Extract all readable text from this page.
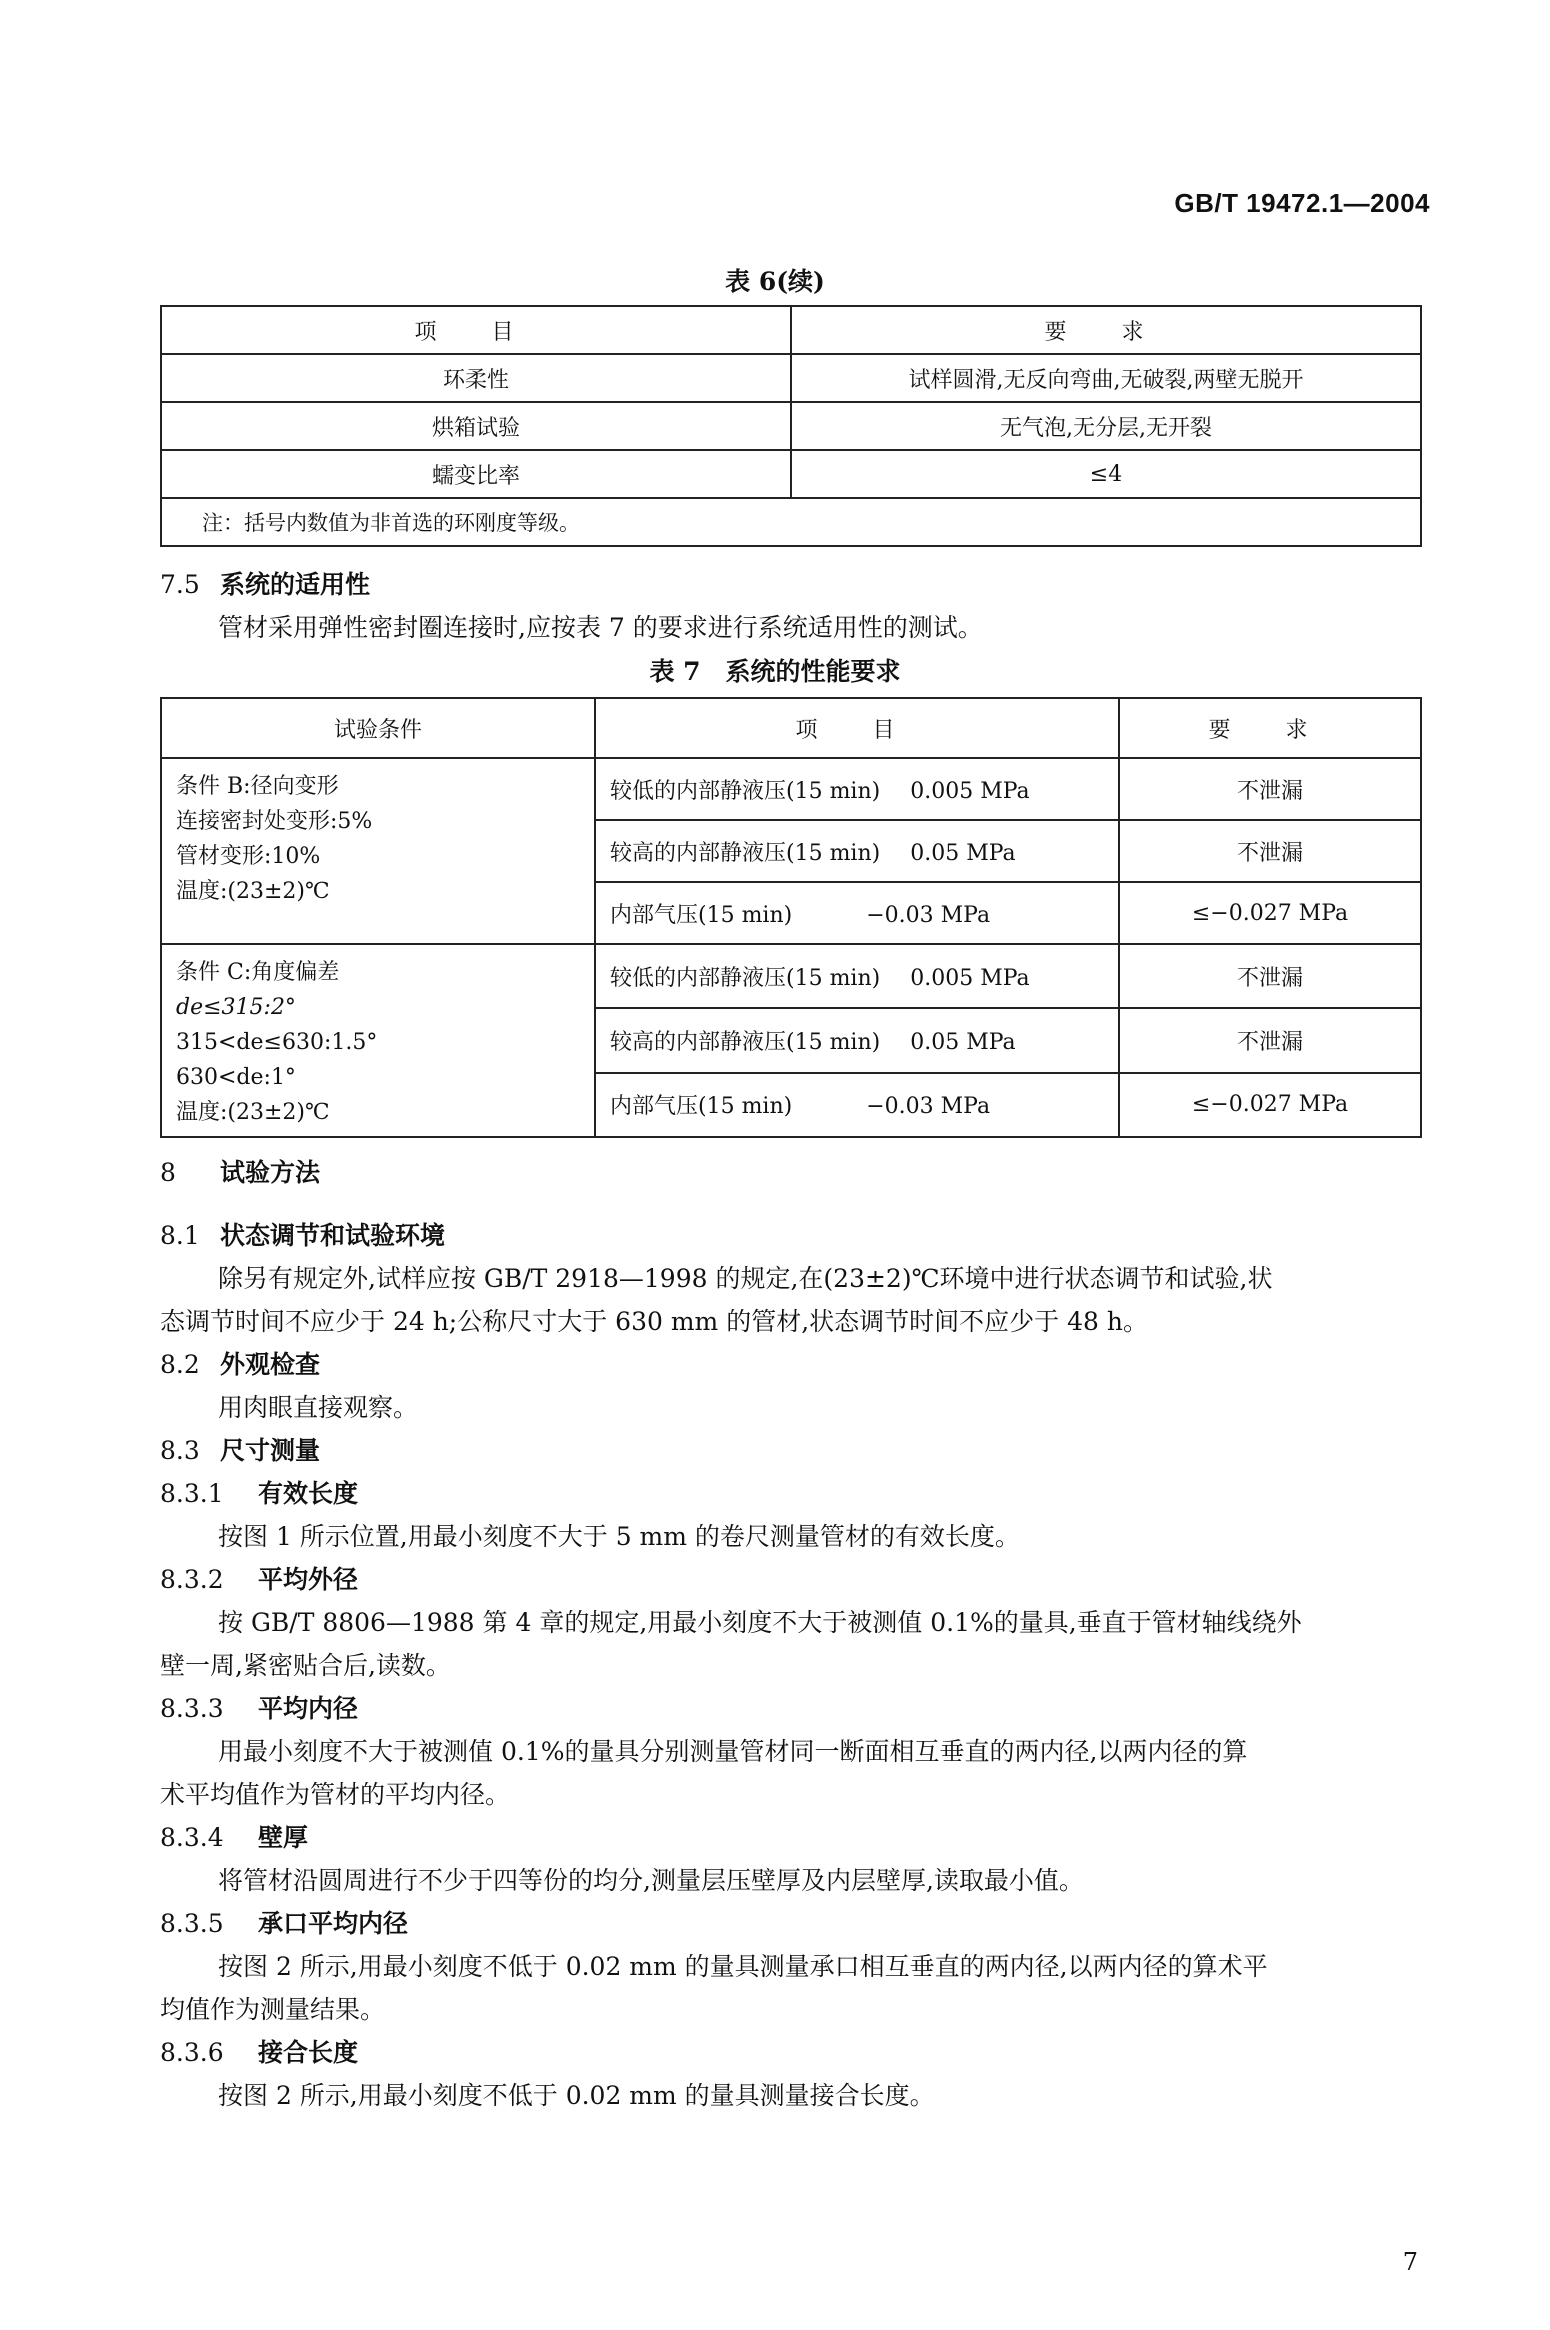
GB/T 19472.1—2004
表 6(续)
项 目	要 求
环柔性	试样圆滑,无反向弯曲,无破裂,两壁无脱开
烘箱试验	无气泡,无分层,无开裂
蠕变比率	≤4
注：括号内数值为非首选的环刚度等级。	
7.5 系统的适用性
管材采用弹性密封圈连接时,应按表 7 的要求进行系统适用性的测试。
表 7　系统的性能要求
试验条件	项 目	要 求

条件 B:径向变形
连接密封处变形:5%
管材变形:10%
温度:(23±2)℃	较低的内部静液压(15 min) 0.005 MPa	不泄漏
	较高的内部静液压(15 min) 0.05 MPa	不泄漏
	内部气压(15 min) −0.03 MPa	≤−0.027 MPa

条件 C:角度偏差
de≤315:2°
315<de≤630:1.5°
630<de:1°
温度:(23±2)℃	较低的内部静液压(15 min) 0.005 MPa	不泄漏
	较高的内部静液压(15 min) 0.05 MPa	不泄漏
	内部气压(15 min) −0.03 MPa	≤−0.027 MPa
8 试验方法
8.1 状态调节和试验环境
除另有规定外,试样应按 GB/T 2918—1998 的规定,在(23±2)℃环境中进行状态调节和试验,状
态调节时间不应少于 24 h;公称尺寸大于 630 mm 的管材,状态调节时间不应少于 48 h。
8.2 外观检查
用肉眼直接观察。
8.3 尺寸测量
8.3.1 有效长度
按图 1 所示位置,用最小刻度不大于 5 mm 的卷尺测量管材的有效长度。
8.3.2 平均外径
按 GB/T 8806—1988 第 4 章的规定,用最小刻度不大于被测值 0.1%的量具,垂直于管材轴线绕外
壁一周,紧密贴合后,读数。
8.3.3 平均内径
用最小刻度不大于被测值 0.1%的量具分别测量管材同一断面相互垂直的两内径,以两内径的算
术平均值作为管材的平均内径。
8.3.4 壁厚
将管材沿圆周进行不少于四等份的均分,测量层压壁厚及内层壁厚,读取最小值。
8.3.5 承口平均内径
按图 2 所示,用最小刻度不低于 0.02 mm 的量具测量承口相互垂直的两内径,以两内径的算术平
均值作为测量结果。
8.3.6 接合长度
按图 2 所示,用最小刻度不低于 0.02 mm 的量具测量接合长度。
7
